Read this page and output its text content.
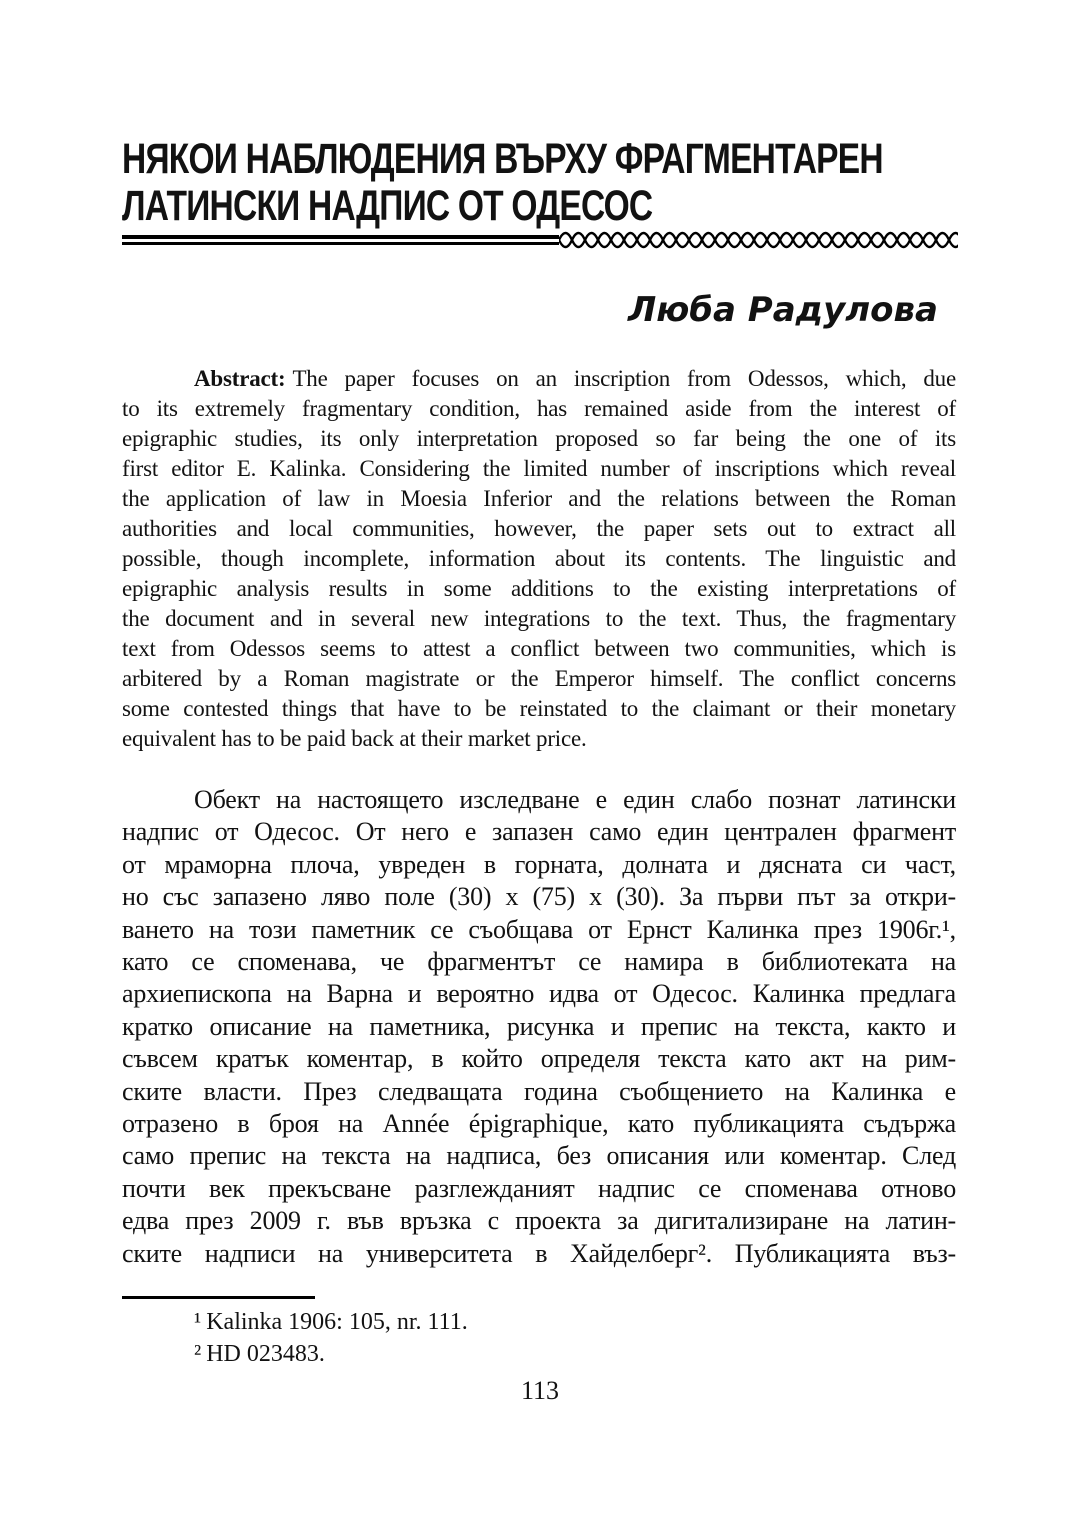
НЯКОИ НАБЛЮДЕНИЯ ВЪРХУ ФРАГМЕНТАРЕН
ЛАТИНСКИ НАДПИС ОТ ОДЕСОС
Люба Радулова
Abstract: The paper focuses on an inscription from Odessos, which, due
to its extremely fragmentary condition, has remained aside from the interest of
epigraphic studies, its only interpretation proposed so far being the one of its
first editor E. Kalinka. Considering the limited number of inscriptions which reveal
the application of law in Moesia Inferior and the relations between the Roman
authorities and local communities, however, the paper sets out to extract all
possible, though incomplete, information about its contents. The linguistic and
epigraphic analysis results in some additions to the existing interpretations of
the document and in several new integrations to the text. Thus, the fragmentary
text from Odessos seems to attest a conflict between two communities, which is
arbitered by a Roman magistrate or the Emperor himself. The conflict concerns
some contested things that have to be reinstated to the claimant or their monetary
equivalent has to be paid back at their market price.
Обект на настоящето изследване е един слабо познат латински
надпис от Одесос. От него е запазен само един централен фрагмент
от мраморна плоча, увреден в горната, долната и дясната си част,
но със запазено ляво поле (30) x (75) x (30). За първи път за откри-
ването на този паметник се съобщава от Ернст Калинка през 1906г.¹,
като се споменава, че фрагментът се намира в библиотеката на
архиепископа на Варна и вероятно идва от Одесос. Калинка предлага
кратко описание на паметника, рисунка и препис на текста, както и
съвсем кратък коментар, в който определя текста като акт на рим-
ските власти. През следващата година съобщението на Калинка е
отразено в броя на Année épigraphique, като публикацията съдържа
само препис на текста на надписа, без описания или коментар. След
почти век прекъсване разглежданият надпис се споменава отново
едва през 2009 г. във връзка с проекта за дигитализиране на латин-
ските надписи на университета в Хайделберг². Публикацията въз-
¹ Kalinka 1906: 105, nr. 111.
² HD 023483.
113
